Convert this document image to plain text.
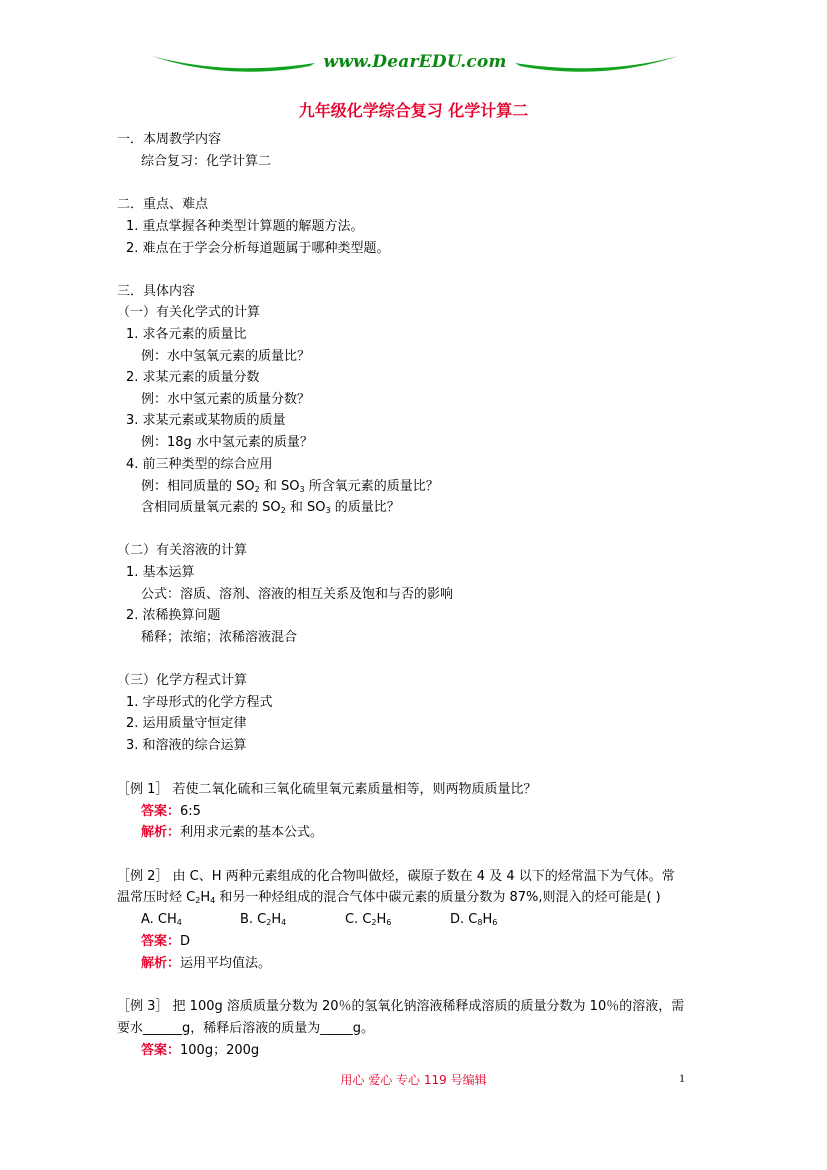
www.DearEDU.com
九年级化学综合复习 化学计算二
一．本周教学内容
综合复习：化学计算二
二．重点、难点
1. 重点掌握各种类型计算题的解题方法。
2. 难点在于学会分析每道题属于哪种类型题。
三．具体内容
（一）有关化学式的计算
1. 求各元素的质量比
例：水中氢氧元素的质量比？
2. 求某元素的质量分数
例：水中氢元素的质量分数？
3. 求某元素或某物质的质量
例：18g 水中氢元素的质量？
4. 前三种类型的综合应用
例：相同质量的 $SO_2$ 和 $SO_3$ 所含氧元素的质量比？
含相同质量氧元素的 $SO_2$ 和 $SO_3$ 的质量比？
（二）有关溶液的计算
1. 基本运算
公式：溶质、溶剂、溶液的相互关系及饱和与否的影响
2. 浓稀换算问题
稀释；浓缩；浓稀溶液混合
（三）化学方程式计算
1. 字母形式的化学方程式
2. 运用质量守恒定律
3. 和溶液的综合运算
［例 1］ 若使二氧化硫和三氧化硫里氧元素质量相等，则两物质质量比？
答案：6:5
解析：利用求元素的基本公式。
［例 2］ 由 C、H 两种元素组成的化合物叫做烃，碳原子数在 4 及 4 以下的烃常温下为气体。常
温常压时烃 $C_2H_4$ 和另一种烃组成的混合气体中碳元素的质量分数为 87%,则混入的烃可能是( )
A. $CH_4$	B. $C_2H_4$	C. $C_2H_6$	D. $C_8H_6$
答案：D
解析：运用平均值法。
［例 3］ 把 100g 溶质质量分数为 20％的氢氧化钠溶液稀释成溶质的质量分数为 10％的溶液，需
要水______g，稀释后溶液的质量为_____g。
答案：100g；200g
用心 爱心 专心 119 号编辑	1
